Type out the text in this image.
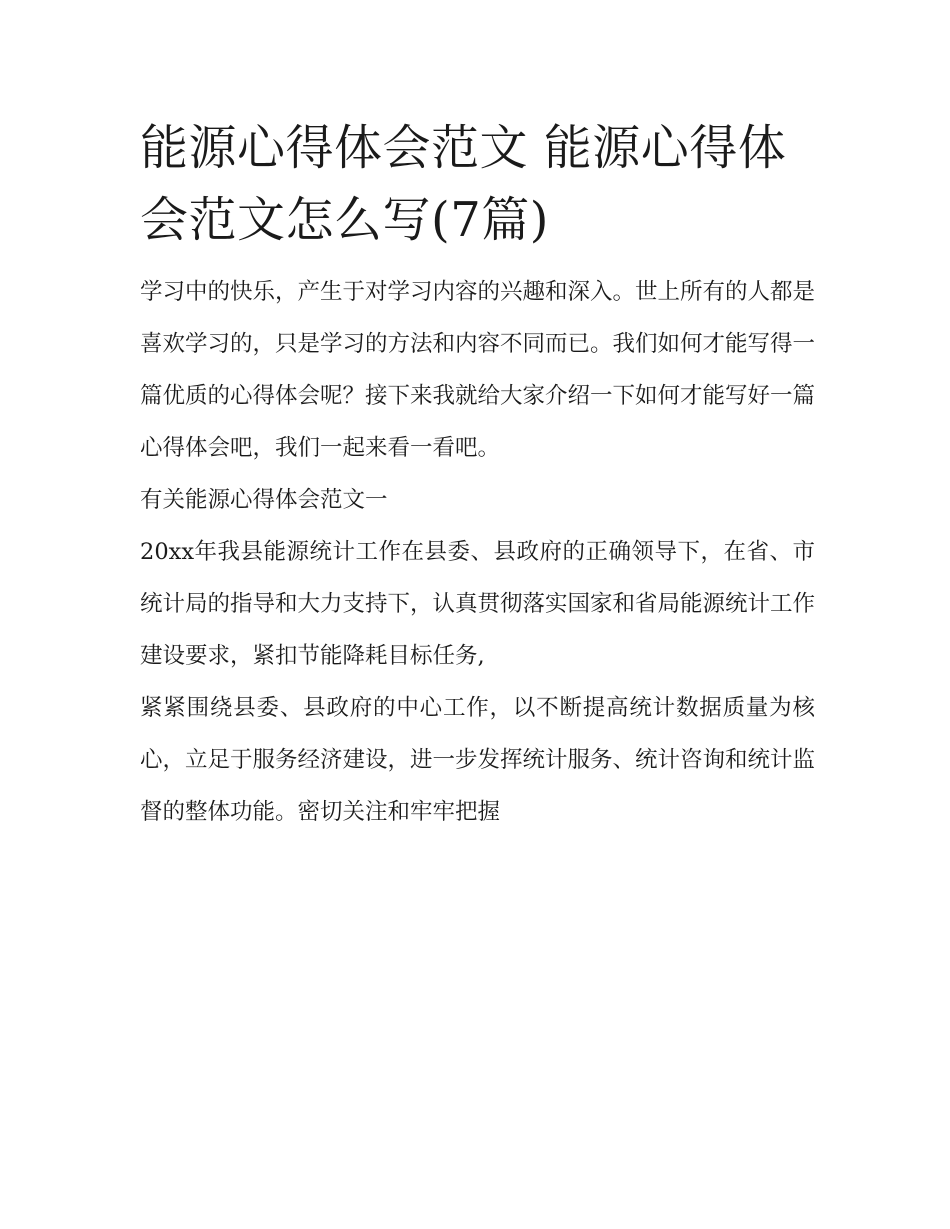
能源心得体会范文 能源心得体会范文怎么写(7篇)

学习中的快乐，产生于对学习内容的兴趣和深入。世上所有的人都是喜欢学习的，只是学习的方法和内容不同而已。我们如何才能写得一篇优质的心得体会呢？接下来我就给大家介绍一下如何才能写好一篇心得体会吧，我们一起来看一看吧。

有关能源心得体会范文一

20xx年我县能源统计工作在县委、县政府的正确领导下，在省、市统计局的指导和大力支持下，认真贯彻落实国家和省局能源统计工作建设要求，紧扣节能降耗目标任务,

紧紧围绕县委、县政府的中心工作，以不断提高统计数据质量为核心，立足于服务经济建设，进一步发挥统计服务、统计咨询和统计监督的整体功能。密切关注和牢牢把握
